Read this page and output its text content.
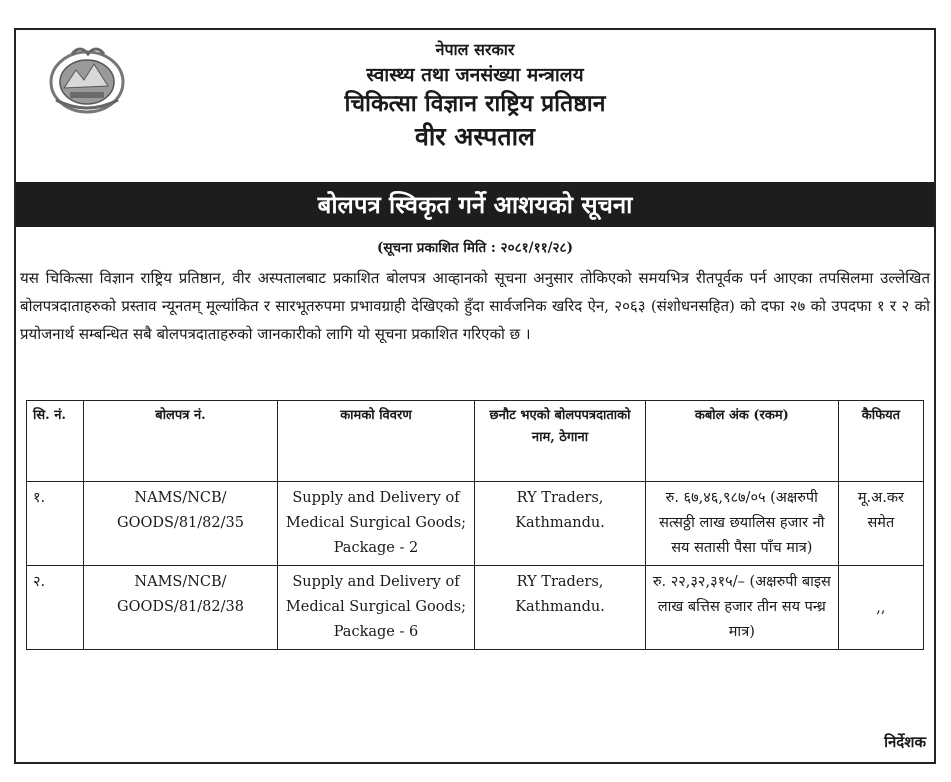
नेपाल सरकार
स्वास्थ्य तथा जनसंख्या मन्त्रालय
चिकित्सा विज्ञान राष्ट्रिय प्रतिष्ठान
वीर अस्पताल
बोलपत्र स्विकृत गर्ने आशयको सूचना
(सूचना प्रकाशित मिति : २०८१/११/२८)
यस चिकित्सा विज्ञान राष्ट्रिय प्रतिष्ठान, वीर अस्पतालबाट प्रकाशित बोलपत्र आव्हानको सूचना अनुसार तोकिएको समयभित्र रीतपूर्वक पर्न आएका तपसिलमा उल्लेखित बोलपत्रदाताहरुको प्रस्ताव न्यूनतम् मूल्यांकित र सारभूतरुपमा प्रभावग्राही देखिएको हुँदा सार्वजनिक खरिद ऐन, २०६३ (संशोधनसहित) को दफा २७ को उपदफा १ र २ को प्रयोजनार्थ सम्बन्धित सबै बोलपत्रदाताहरुको जानकारीको लागि यो सूचना प्रकाशित गरिएको छ ।
सि. नं.	बोलपत्र नं.	कामको विवरण	छनौट भएको बोलपपत्रदाताको नाम, ठेगाना	कबोल अंक (रकम)	कैफियत
१.	NAMS/NCB/ GOODS/81/82/35	Supply and Delivery of Medical Surgical Goods; Package - 2	RY Traders, Kathmandu.	रु. ६७,४६,९८७/०५ (अक्षरुपी सत्सठ्ठी लाख छयालिस हजार नौ सय सतासी पैसा पाँच मात्र)	मू.अ.कर समेत
२.	NAMS/NCB/ GOODS/81/82/38	Supply and Delivery of Medical Surgical Goods; Package - 6	RY Traders, Kathmandu.	रु. २२,३२,३१५/– (अक्षरुपी बाइस लाख बत्तिस हजार तीन सय पन्ध्र मात्र)	,,
निर्देशक
